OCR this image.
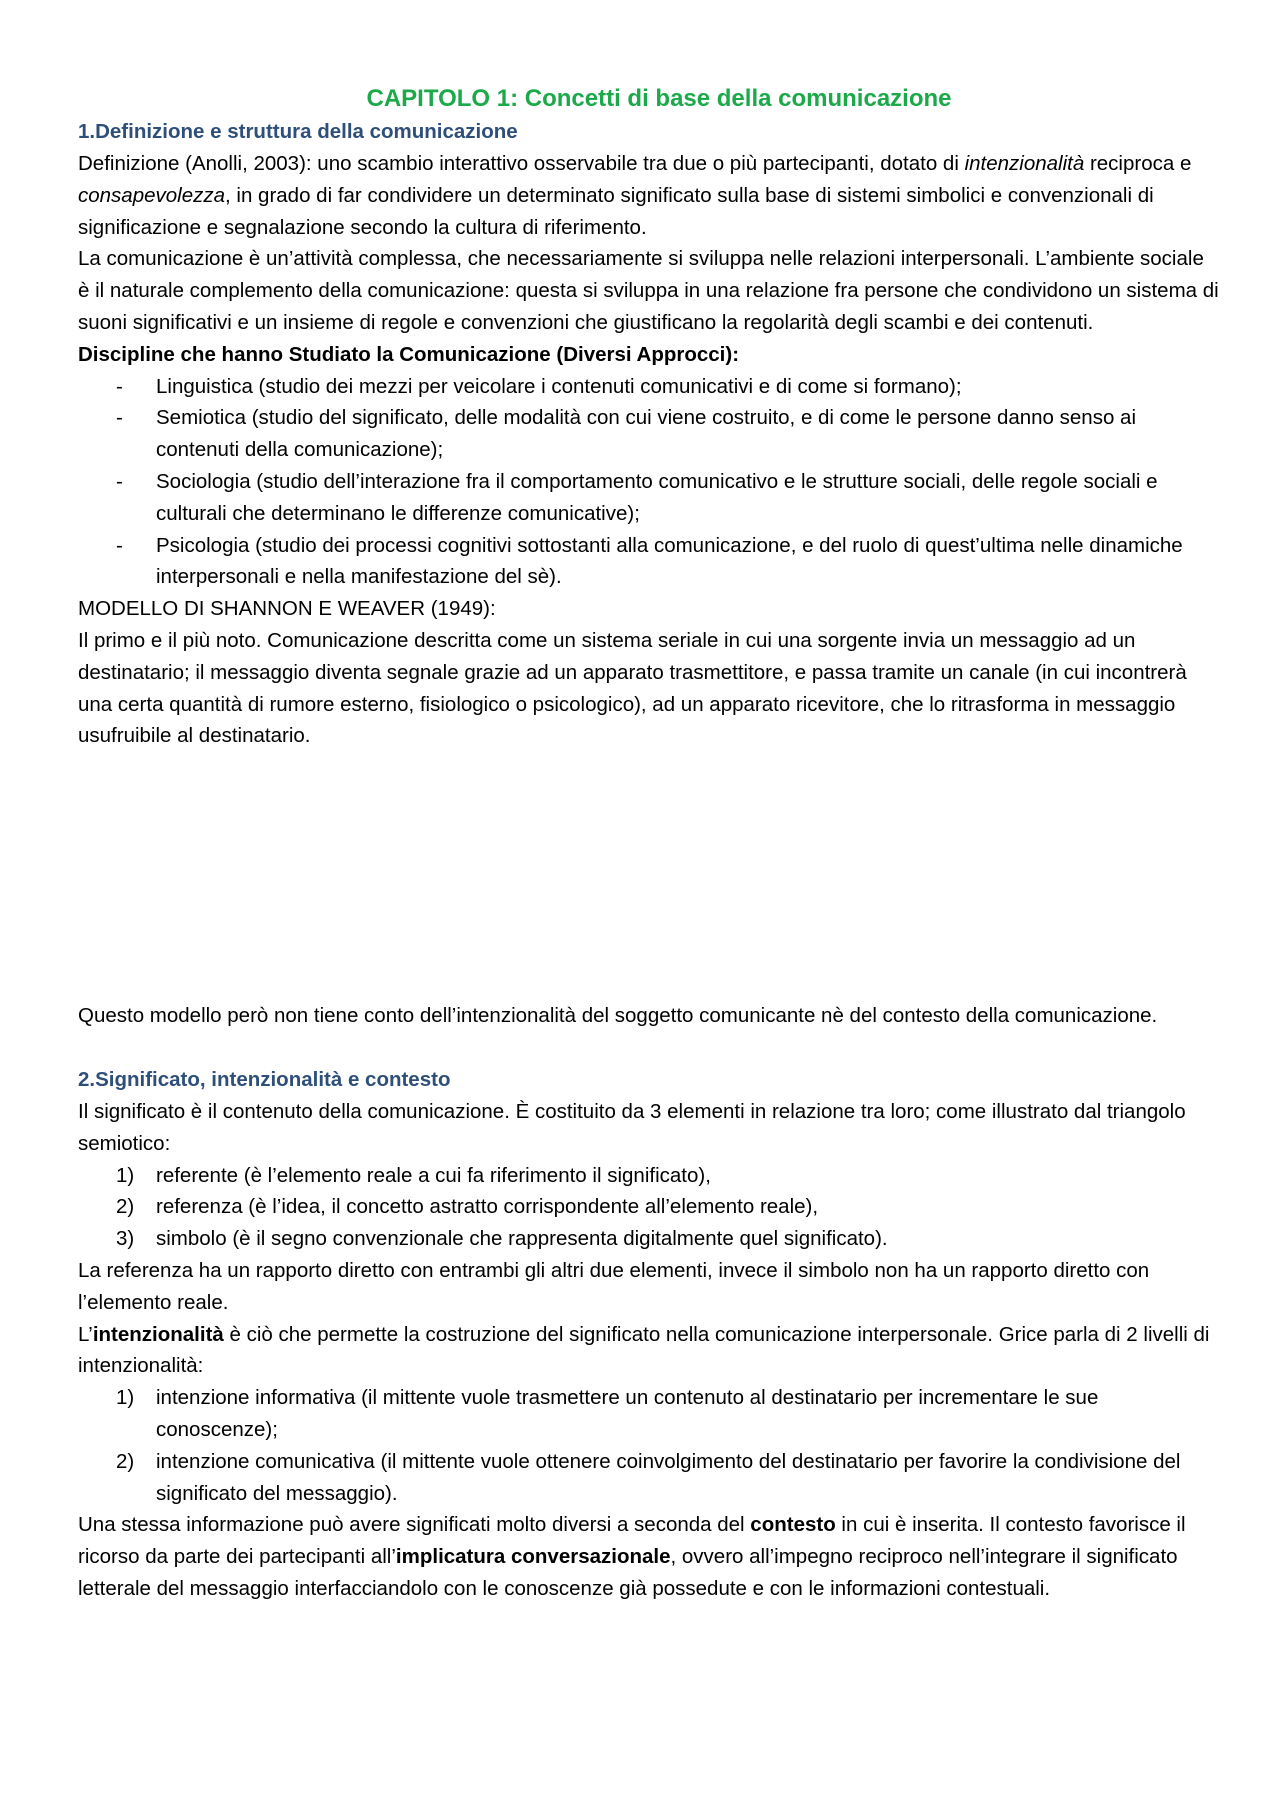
CAPITOLO 1: Concetti di base della comunicazione
1.Definizione e struttura della comunicazione

Definizione (Anolli, 2003): uno scambio interattivo osservabile tra due o più partecipanti, dotato di intenzionalità reciproca e consapevolezza, in grado di far condividere un determinato significato sulla base di sistemi simbolici e convenzionali di significazione e segnalazione secondo la cultura di riferimento.

La comunicazione è un’attività complessa, che necessariamente si sviluppa nelle relazioni interpersonali. L’ambiente sociale è il naturale complemento della comunicazione: questa si sviluppa in una relazione fra persone che condividono un sistema di suoni significativi e un insieme di regole e convenzioni che giustificano la regolarità degli scambi e dei contenuti.

Discipline che hanno Studiato la Comunicazione (Diversi Approcci):

- Linguistica (studio dei mezzi per veicolare i contenuti comunicativi e di come si formano);
- Semiotica (studio del significato, delle modalità con cui viene costruito, e di come le persone danno senso ai contenuti della comunicazione);
- Sociologia (studio dell’interazione fra il comportamento comunicativo e le strutture sociali, delle regole sociali e culturali che determinano le differenze comunicative);
- Psicologia (studio dei processi cognitivi sottostanti alla comunicazione, e del ruolo di quest’ultima nelle dinamiche interpersonali e nella manifestazione del sè).

MODELLO DI SHANNON E WEAVER (1949):

Il primo e il più noto. Comunicazione descritta come un sistema seriale in cui una sorgente invia un messaggio ad un destinatario; il messaggio diventa segnale grazie ad un apparato trasmettitore, e passa tramite un canale (in cui incontrerà una certa quantità di rumore esterno, fisiologico o psicologico), ad un apparato ricevitore, che lo ritrasforma in messaggio usufruibile al destinatario.

Questo modello però non tiene conto dell’intenzionalità del soggetto comunicante nè del contesto della comunicazione.

2.Significato, intenzionalità e contesto

Il significato è il contenuto della comunicazione. È costituito da 3 elementi in relazione tra loro; come illustrato dal triangolo semiotico:

1) referente (è l’elemento reale a cui fa riferimento il significato),
2) referenza (è l’idea, il concetto astratto corrispondente all’elemento reale),
3) simbolo (è il segno convenzionale che rappresenta digitalmente quel significato).

La referenza ha un rapporto diretto con entrambi gli altri due elementi, invece il simbolo non ha un rapporto diretto con l’elemento reale.

L’intenzionalità è ciò che permette la costruzione del significato nella comunicazione interpersonale. Grice parla di 2 livelli di intenzionalità:

1) intenzione informativa (il mittente vuole trasmettere un contenuto al destinatario per incrementare le sue conoscenze);
2) intenzione comunicativa (il mittente vuole ottenere coinvolgimento del destinatario per favorire la condivisione del significato del messaggio).

Una stessa informazione può avere significati molto diversi a seconda del contesto in cui è inserita. Il contesto favorisce il ricorso da parte dei partecipanti all’implicatura conversazionale, ovvero all’impegno reciproco nell’integrare il significato letterale del messaggio interfacciandolo con le conoscenze già possedute e con le informazioni contestuali.
